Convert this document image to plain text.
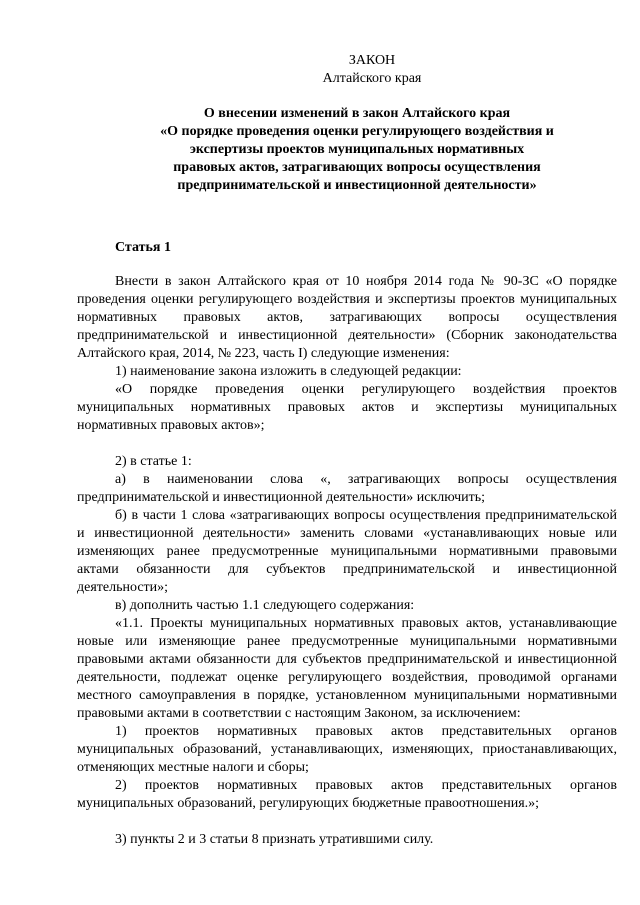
ЗАКОН
Алтайского края
О внесении изменений в закон Алтайского края
«О порядке проведения оценки регулирующего воздействия и
экспертизы проектов муниципальных нормативных
правовых актов, затрагивающих вопросы осуществления
предпринимательской и инвестиционной деятельности»
Статья 1

Внести в закон Алтайского края от 10 ноября 2014 года № 90-ЗС «О порядке проведения оценки регулирующего воздействия и экспертизы проектов муниципальных нормативных правовых актов, затрагивающих вопросы осуществления предпринимательской и инвестиционной деятельности» (Сборник законодательства Алтайского края, 2014, № 223, часть I) следующие изменения:

1) наименование закона изложить в следующей редакции:

«О порядке проведения оценки регулирующего воздействия проектов муниципальных нормативных правовых актов и экспертизы муниципальных нормативных правовых актов»;

2) в статье 1:

а) в наименовании слова «, затрагивающих вопросы осуществления предпринимательской и инвестиционной деятельности» исключить;

б) в части 1 слова «затрагивающих вопросы осуществления предпринимательской и инвестиционной деятельности» заменить словами «устанавливающих новые или изменяющих ранее предусмотренные муниципальными нормативными правовыми актами обязанности для субъектов предпринимательской и инвестиционной деятельности»;

в) дополнить частью 1.1 следующего содержания:

«1.1. Проекты муниципальных нормативных правовых актов, устанавливающие новые или изменяющие ранее предусмотренные муниципальными нормативными правовыми актами обязанности для субъектов предпринимательской и инвестиционной деятельности, подлежат оценке регулирующего воздействия, проводимой органами местного самоуправления в порядке, установленном муниципальными нормативными правовыми актами в соответствии с настоящим Законом, за исключением:

1) проектов нормативных правовых актов представительных органов муниципальных образований, устанавливающих, изменяющих, приостанавливающих, отменяющих местные налоги и сборы;

2) проектов нормативных правовых актов представительных органов муниципальных образований, регулирующих бюджетные правоотношения.»;

3) пункты 2 и 3 статьи 8 признать утратившими силу.
